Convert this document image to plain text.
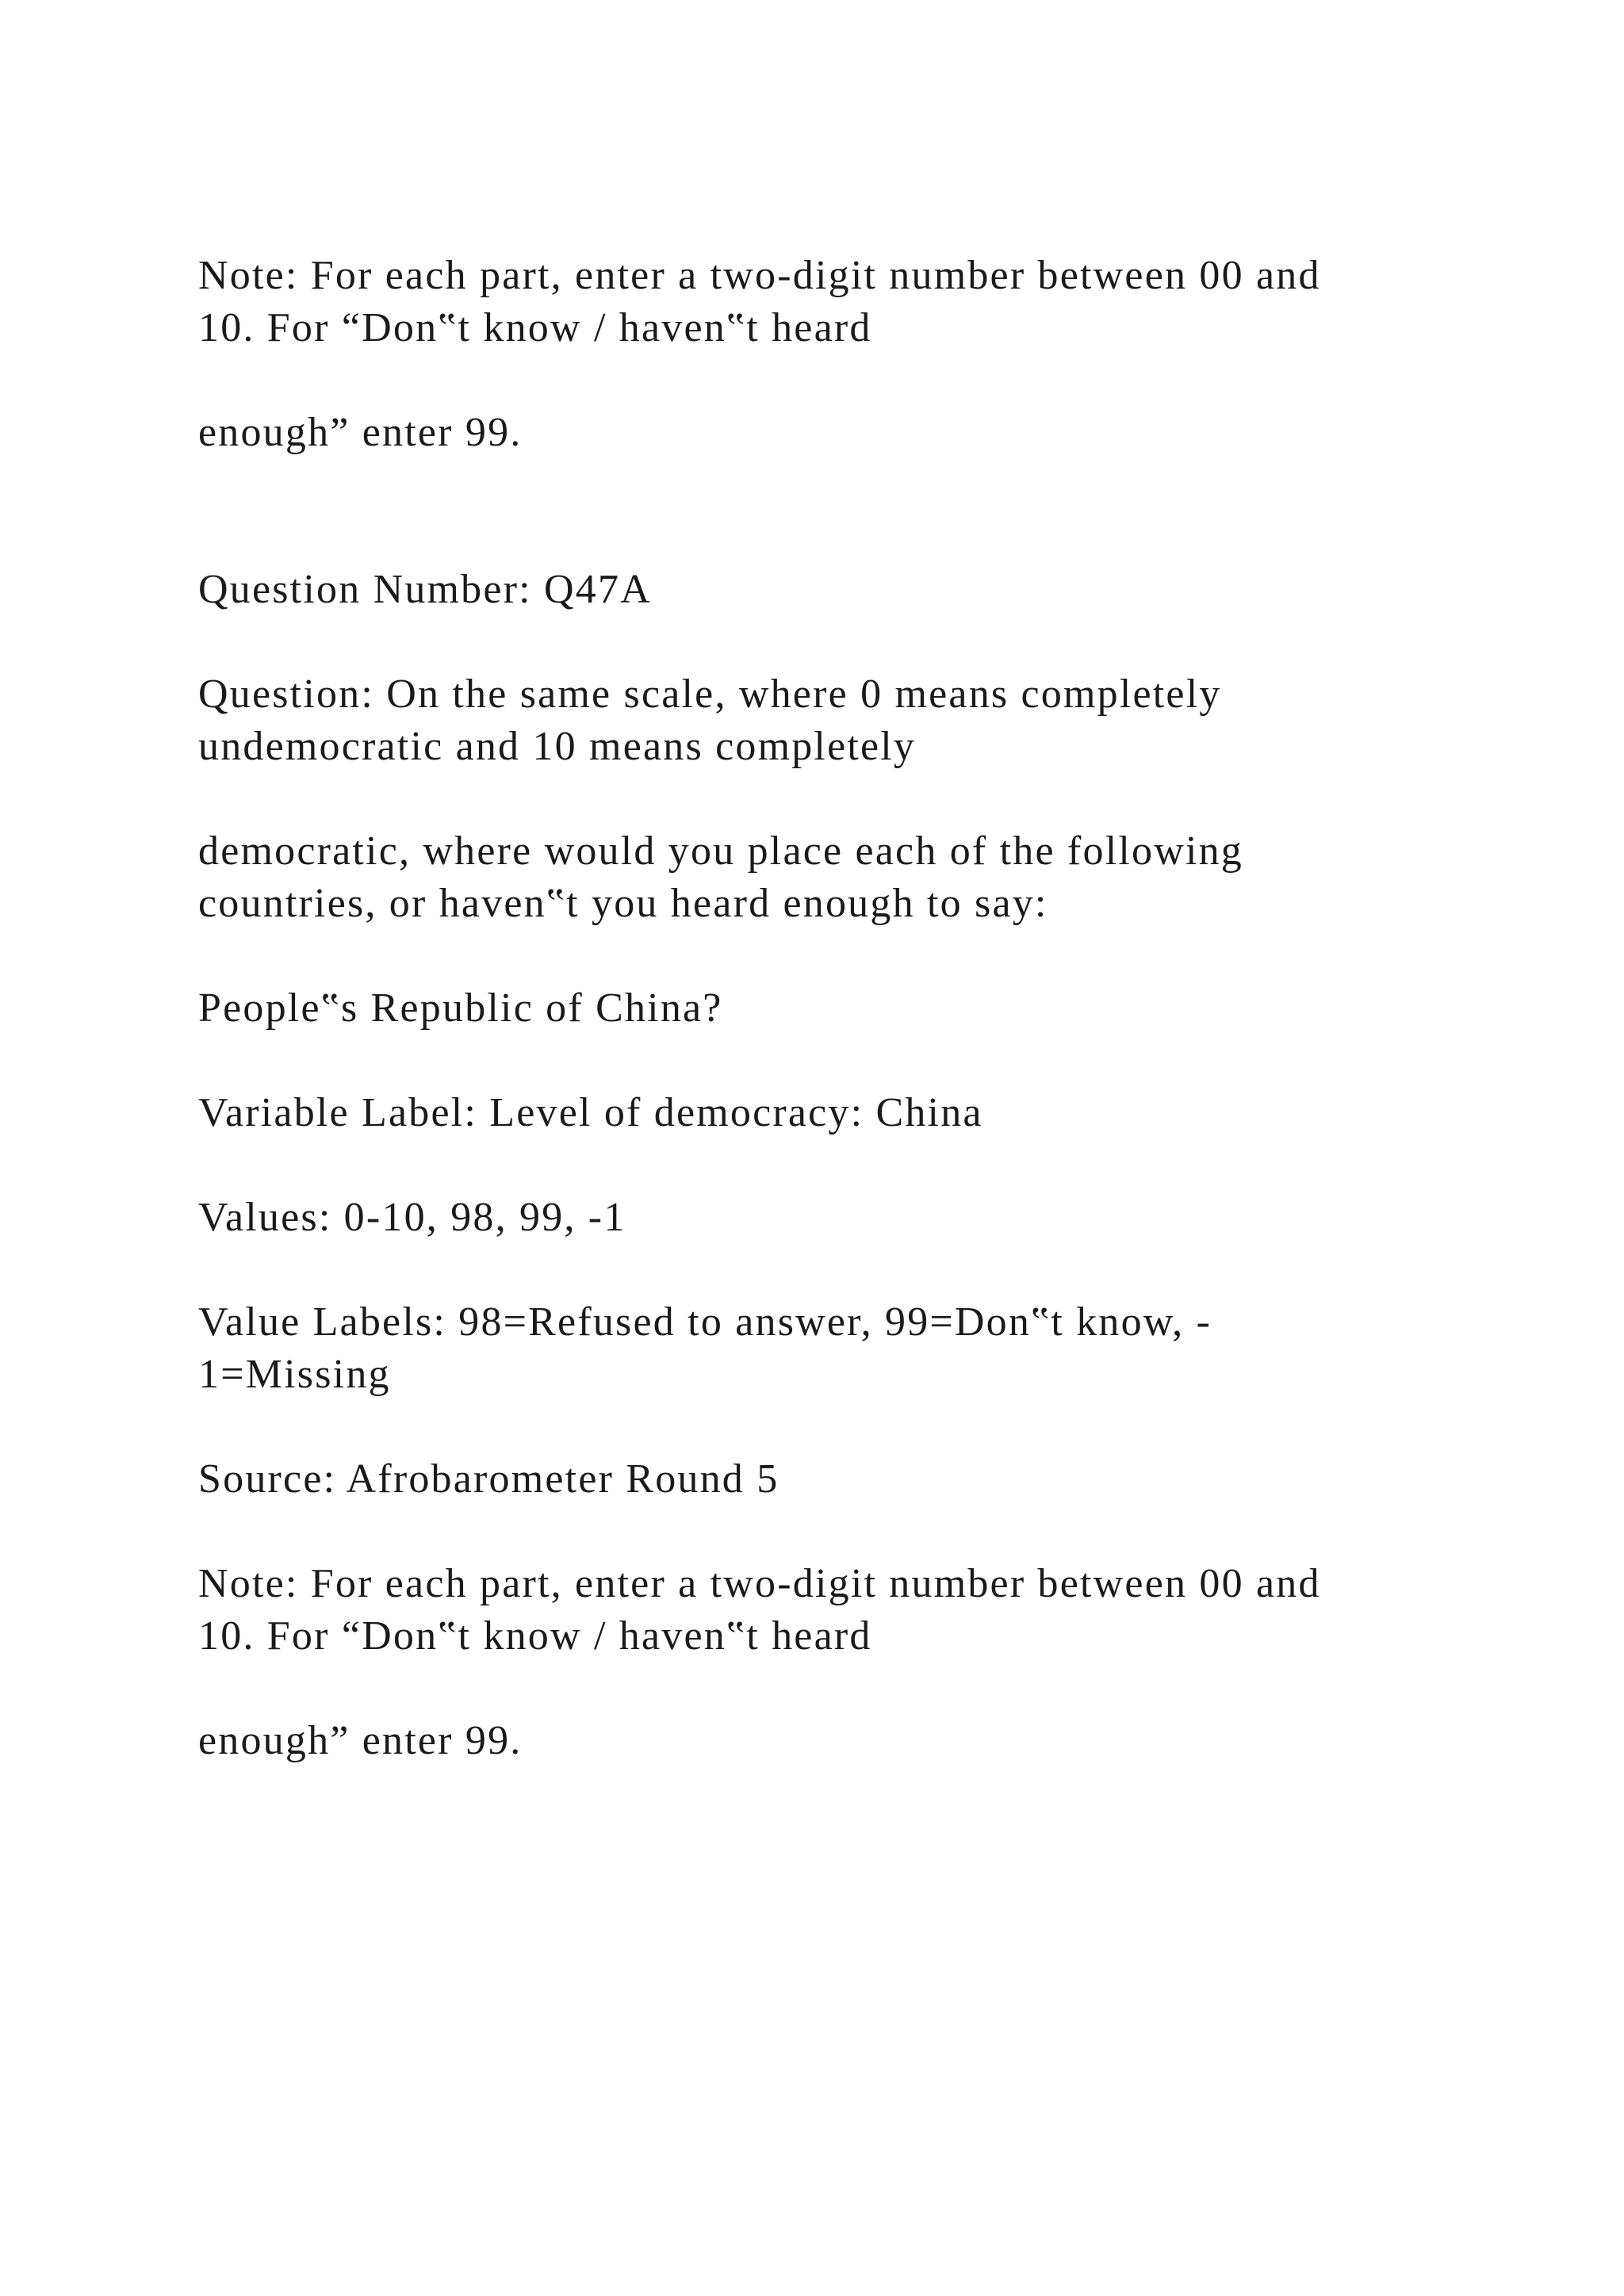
Note: For each part, enter a two-digit number between 00 and

10. For “Don‟t know / haven‟t heard

enough” enter 99.

Question Number: Q47A

Question: On the same scale, where 0 means completely

undemocratic and 10 means completely

democratic, where would you place each of the following

countries, or haven‟t you heard enough to say:

People‟s Republic of China?

Variable Label: Level of democracy: China

Values: 0-10, 98, 99, -1

Value Labels: 98=Refused to answer, 99=Don‟t know, -

1=Missing

Source: Afrobarometer Round 5

Note: For each part, enter a two-digit number between 00 and

10. For “Don‟t know / haven‟t heard

enough” enter 99.
